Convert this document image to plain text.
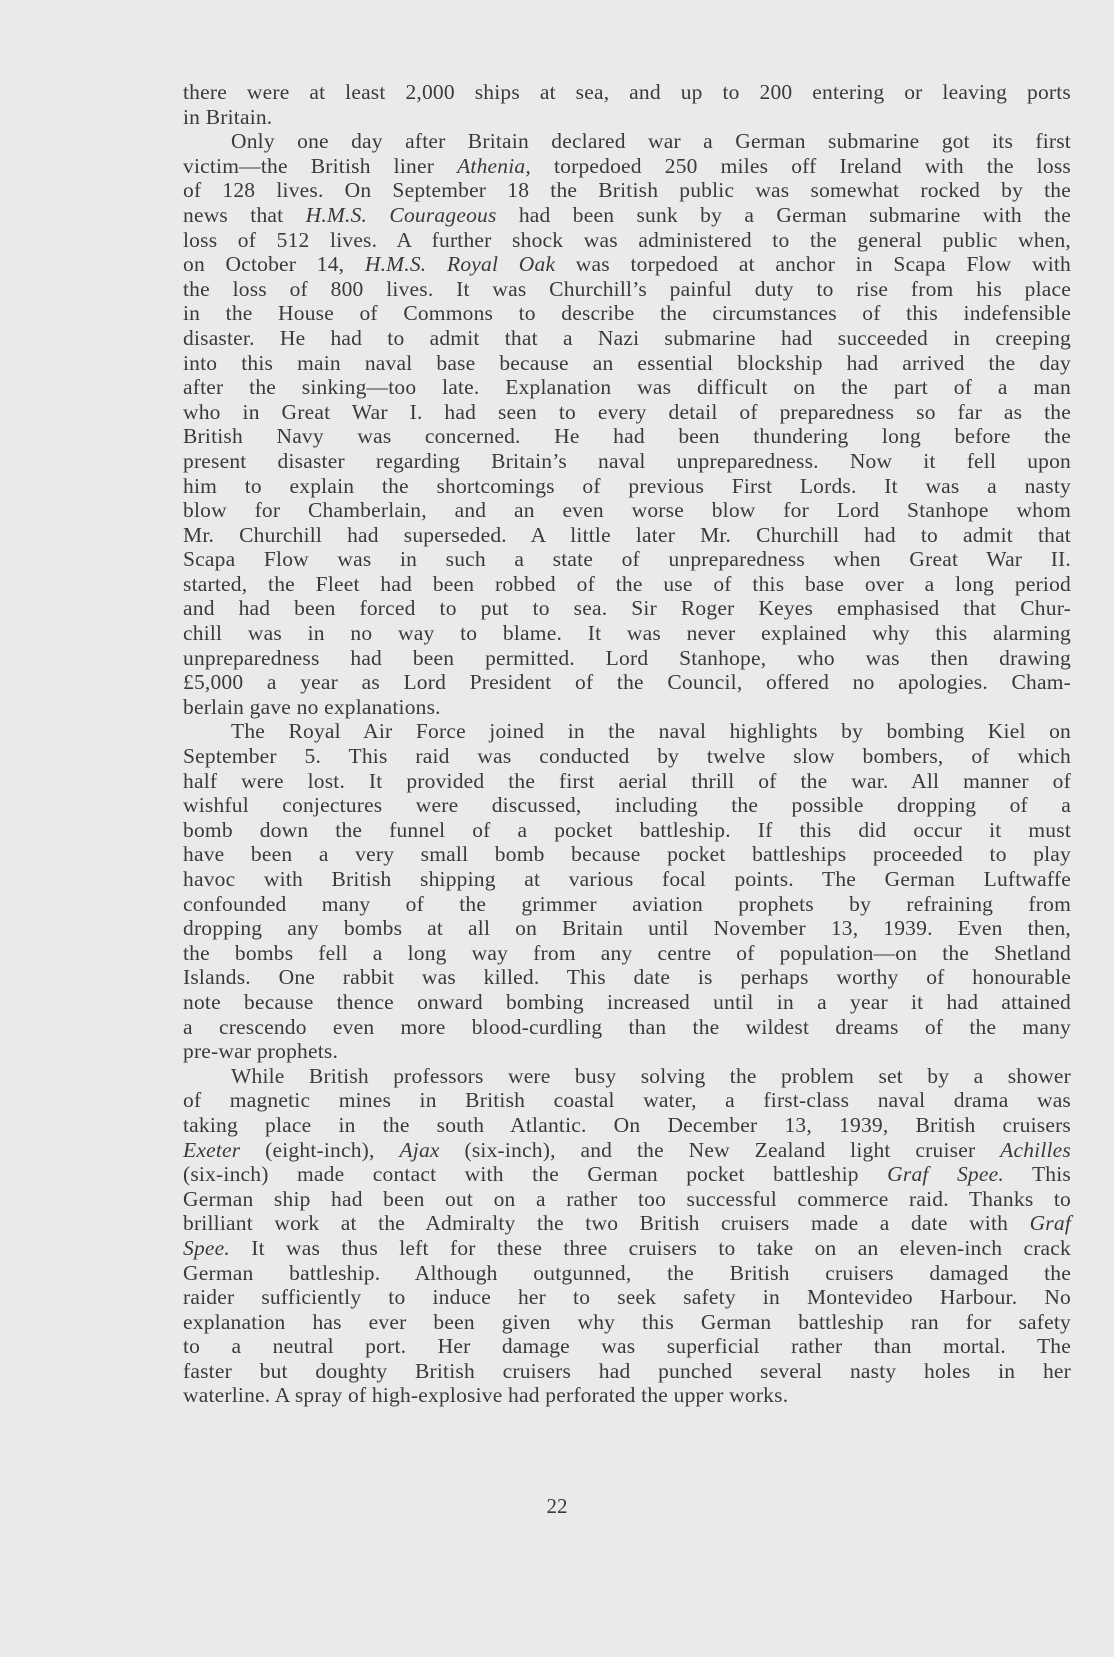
there were at least 2,000 ships at sea, and up to 200 entering or leaving ports
in Britain.

Only one day after Britain declared war a German submarine got its first
victim—the British liner Athenia, torpedoed 250 miles off Ireland with the loss
of 128 lives. On September 18 the British public was somewhat rocked by the
news that H.M.S. Courageous had been sunk by a German submarine with the
loss of 512 lives. A further shock was administered to the general public when,
on October 14, H.M.S. Royal Oak was torpedoed at anchor in Scapa Flow with
the loss of 800 lives. It was Churchill’s painful duty to rise from his place
in the House of Commons to describe the circumstances of this indefensible
disaster. He had to admit that a Nazi submarine had succeeded in creeping
into this main naval base because an essential blockship had arrived the day
after the sinking—too late. Explanation was difficult on the part of a man
who in Great War I. had seen to every detail of preparedness so far as the
British Navy was concerned. He had been thundering long before the
present disaster regarding Britain’s naval unpreparedness. Now it fell upon
him to explain the shortcomings of previous First Lords. It was a nasty
blow for Chamberlain, and an even worse blow for Lord Stanhope whom
Mr. Churchill had superseded. A little later Mr. Churchill had to admit that
Scapa Flow was in such a state of unpreparedness when Great War II.
started, the Fleet had been robbed of the use of this base over a long period
and had been forced to put to sea. Sir Roger Keyes emphasised that Chur-
chill was in no way to blame. It was never explained why this alarming
unpreparedness had been permitted. Lord Stanhope, who was then drawing
£5,000 a year as Lord President of the Council, offered no apologies. Cham-
berlain gave no explanations.

The Royal Air Force joined in the naval highlights by bombing Kiel on
September 5. This raid was conducted by twelve slow bombers, of which
half were lost. It provided the first aerial thrill of the war. All manner of
wishful conjectures were discussed, including the possible dropping of a
bomb down the funnel of a pocket battleship. If this did occur it must
have been a very small bomb because pocket battleships proceeded to play
havoc with British shipping at various focal points. The German Luftwaffe
confounded many of the grimmer aviation prophets by refraining from
dropping any bombs at all on Britain until November 13, 1939. Even then,
the bombs fell a long way from any centre of population—on the Shetland
Islands. One rabbit was killed. This date is perhaps worthy of honourable
note because thence onward bombing increased until in a year it had attained
a crescendo even more blood-curdling than the wildest dreams of the many
pre-war prophets.

While British professors were busy solving the problem set by a shower
of magnetic mines in British coastal water, a first-class naval drama was
taking place in the south Atlantic. On December 13, 1939, British cruisers
Exeter (eight-inch), Ajax (six-inch), and the New Zealand light cruiser Achilles
(six-inch) made contact with the German pocket battleship Graf Spee. This
German ship had been out on a rather too successful commerce raid. Thanks to
brilliant work at the Admiralty the two British cruisers made a date with Graf
Spee. It was thus left for these three cruisers to take on an eleven-inch crack
German battleship. Although outgunned, the British cruisers damaged the
raider sufficiently to induce her to seek safety in Montevideo Harbour. No
explanation has ever been given why this German battleship ran for safety
to a neutral port. Her damage was superficial rather than mortal. The
faster but doughty British cruisers had punched several nasty holes in her
waterline. A spray of high-explosive had perforated the upper works.

22
